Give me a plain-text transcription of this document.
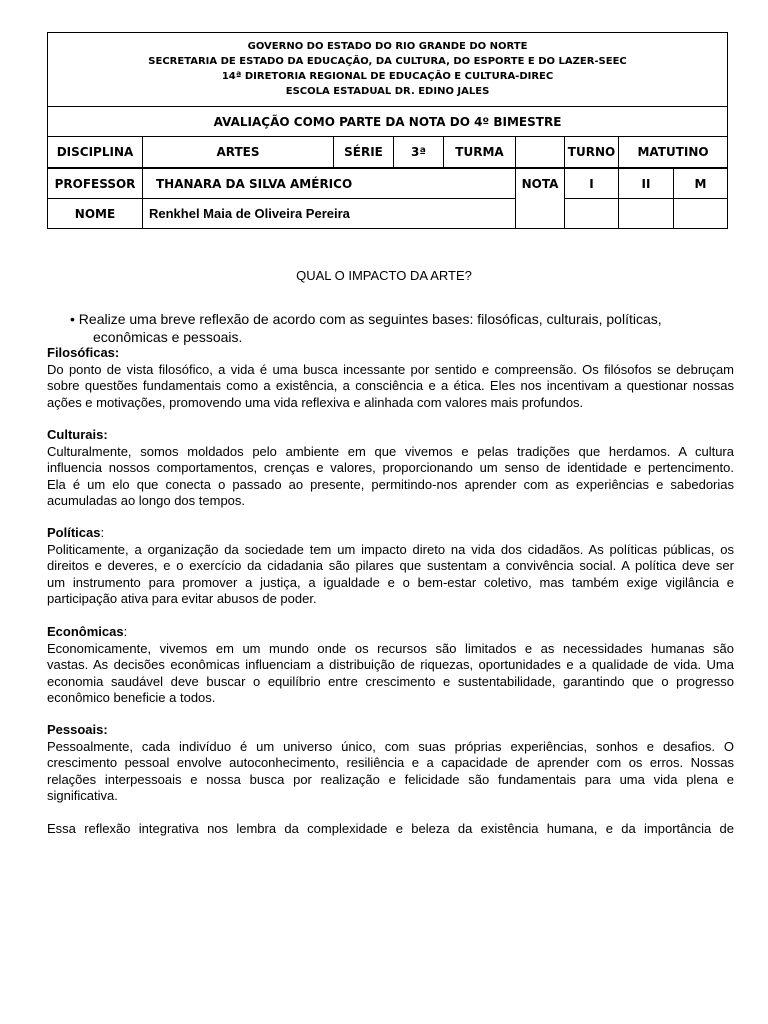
GOVERNO DO ESTADO DO RIO GRANDE DO NORTE
SECRETARIA DE ESTADO DA EDUCAÇÃO, DA CULTURA, DO ESPORTE E DO LAZER-SEEC
14ª DIRETORIA REGIONAL DE EDUCAÇÃO E CULTURA-DIREC
ESCOLA ESTADUAL DR. EDINO JALES								

AVALIAÇÃO COMO PARTE DA NOTA DO 4º BIMESTRE								
DISCIPLINA	ARTES	SÉRIE	3ª	TURMA		TURNO	MATUTINO	

PROFESSOR	THANARA DA SILVA AMÉRICO				NOTA	I	II	M
NOME	Renkhel Maia de Oliveira Pereira							
QUAL O IMPACTO DA ARTE?
• Realize uma breve reflexão de acordo com as seguintes bases: filosóficas, culturais, políticas,
econômicas e pessoais.
Filosóficas:
Do ponto de vista filosófico, a vida é uma busca incessante por sentido e compreensão. Os filósofos se debruçam
sobre questões fundamentais como a existência, a consciência e a ética. Eles nos incentivam a questionar nossas
ações e motivações, promovendo uma vida reflexiva e alinhada com valores mais profundos.
Culturais:
Culturalmente, somos moldados pelo ambiente em que vivemos e pelas tradições que herdamos. A cultura
influencia nossos comportamentos, crenças e valores, proporcionando um senso de identidade e pertencimento.
Ela é um elo que conecta o passado ao presente, permitindo-nos aprender com as experiências e sabedorias
acumuladas ao longo dos tempos.
Políticas:
Politicamente, a organização da sociedade tem um impacto direto na vida dos cidadãos. As políticas públicas, os
direitos e deveres, e o exercício da cidadania são pilares que sustentam a convivência social. A política deve ser
um instrumento para promover a justiça, a igualdade e o bem-estar coletivo, mas também exige vigilância e
participação ativa para evitar abusos de poder.
Econômicas:
Economicamente, vivemos em um mundo onde os recursos são limitados e as necessidades humanas são
vastas. As decisões econômicas influenciam a distribuição de riquezas, oportunidades e a qualidade de vida. Uma
economia saudável deve buscar o equilíbrio entre crescimento e sustentabilidade, garantindo que o progresso
econômico beneficie a todos.
Pessoais:
Pessoalmente, cada indivíduo é um universo único, com suas próprias experiências, sonhos e desafios. O
crescimento pessoal envolve autoconhecimento, resiliência e a capacidade de aprender com os erros. Nossas
relações interpessoais e nossa busca por realização e felicidade são fundamentais para uma vida plena e
significativa.
Essa reflexão integrativa nos lembra da complexidade e beleza da existência humana, e da importância de
